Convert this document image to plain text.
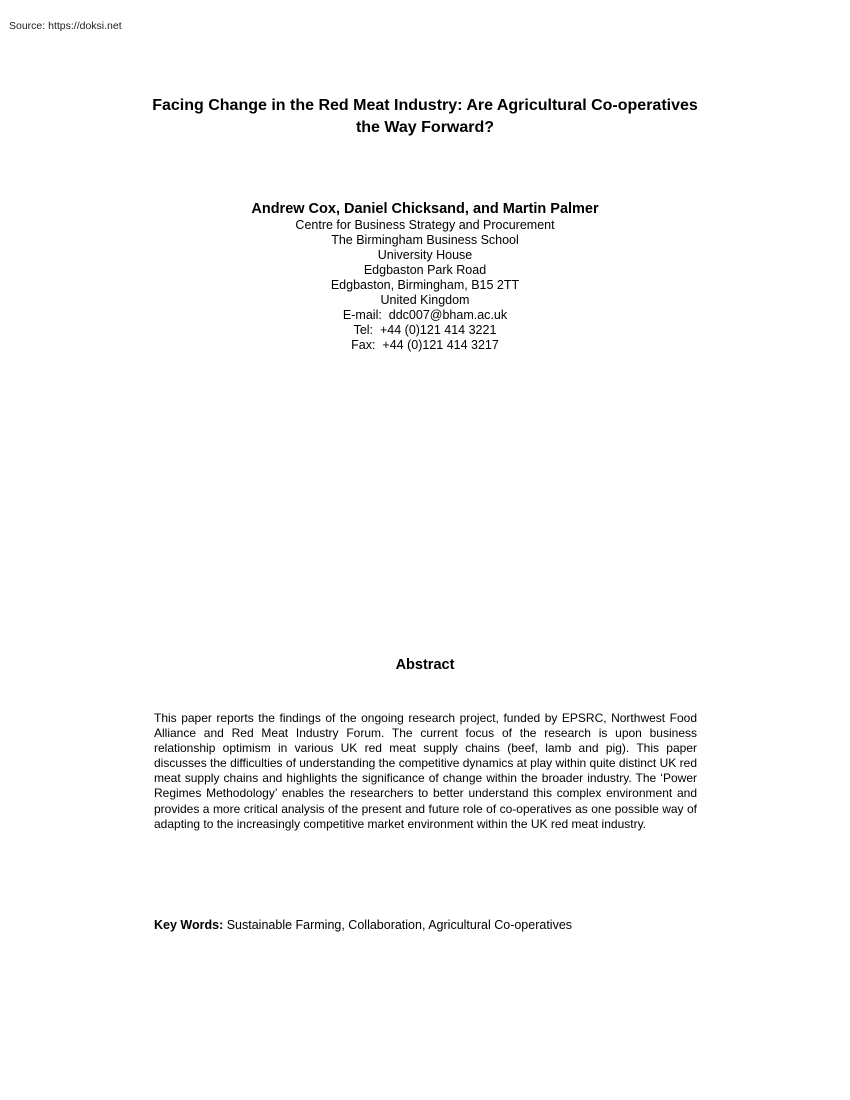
Source: https://doksi.net
Facing Change in the Red Meat Industry: Are Agricultural Co-operatives the Way Forward?

Andrew Cox, Daniel Chicksand, and Martin Palmer

Centre for Business Strategy and Procurement
The Birmingham Business School
University House
Edgbaston Park Road
Edgbaston, Birmingham, B15 2TT
United Kingdom
E-mail:  ddc007@bham.ac.uk
Tel:  +44 (0)121 414 3221
Fax:  +44 (0)121 414 3217
Abstract

This paper reports the findings of the ongoing research project, funded by EPSRC, Northwest Food Alliance and Red Meat Industry Forum. The current focus of the research is upon business relationship optimism in various UK red meat supply chains (beef, lamb and pig). This paper discusses the difficulties of understanding the competitive dynamics at play within quite distinct UK red meat supply chains and highlights the significance of change within the broader industry. The ‘Power Regimes Methodology’ enables the researchers to better understand this complex environment and provides a more critical analysis of the present and future role of co-operatives as one possible way of adapting to the increasingly competitive market environment within the UK red meat industry.

Key Words: Sustainable Farming, Collaboration, Agricultural Co-operatives
